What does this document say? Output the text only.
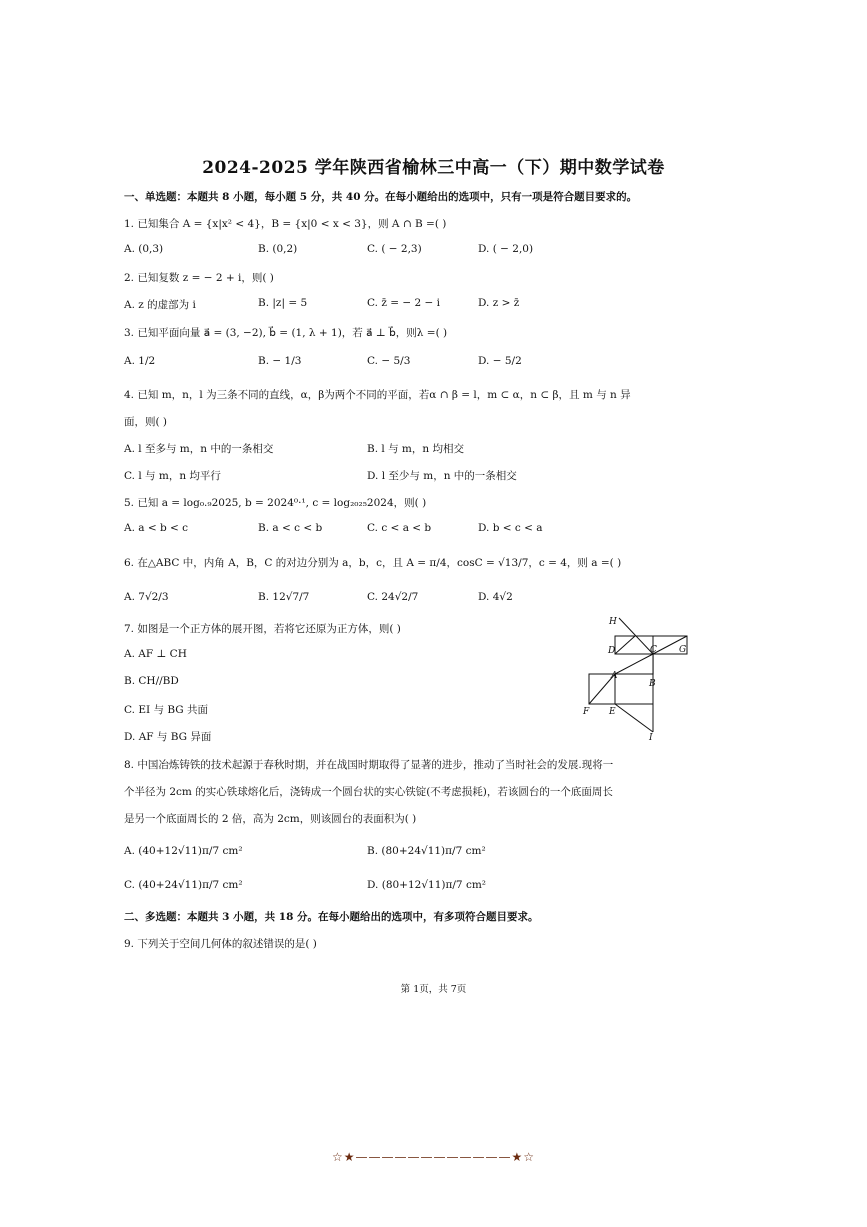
2024-2025 学年陕西省榆林三中高一（下）期中数学试卷
一、单选题：本题共 8 小题，每小题 5 分，共 40 分。在每小题给出的选项中，只有一项是符合题目要求的。
1. 已知集合 A = {x|x² < 4}，B = {x|0 < x < 3}，则 A ∩ B =( )
A. (0,3)	B. (0,2)	C. ( − 2,3)	D. ( − 2,0)
2. 已知复数 z = − 2 + i，则( )
A. z 的虚部为 i	B. |z| = 5	C. z̄ = − 2 − i	D. z > z̄
3. 已知平面向量 a⃗ = (3, −2), b⃗ = (1, λ + 1)，若 a⃗ ⊥ b⃗，则λ =( )
A. 1/2	B. − 1/3	C. − 5/3	D. − 5/2
4. 已知 m，n，l 为三条不同的直线，α，β为两个不同的平面，若α ∩ β = l，m ⊂ α，n ⊂ β，且 m 与 n 异
面，则( )
A. l 至多与 m，n 中的一条相交	B. l 与 m，n 均相交
C. l 与 m，n 均平行	D. l 至少与 m，n 中的一条相交
5. 已知 a = log₀.₉2025, b = 2024⁰·¹, c = log₂₀₂₅2024，则( )
A. a < b < c	B. a < c < b	C. c < a < b	D. b < c < a
6. 在△ABC 中，内角 A，B，C 的对边分别为 a，b，c，且 A = π/4，cosC = √13/7，c = 4，则 a =( )
A. 7√2/3	B. 12√7/7	C. 24√2/7	D. 4√2
7. 如图是一个正方体的展开图，若将它还原为正方体，则( )
A. AF ⊥ CH
B. CH//BD
C. EI 与 BG 共面
D. AF 与 BG 异面
H
D	C G
A
B
F E
I
8. 中国冶炼铸铁的技术起源于春秋时期，并在战国时期取得了显著的进步，推动了当时社会的发展.现将一
个半径为 2cm 的实心铁球熔化后，浇铸成一个圆台状的实心铁锭(不考虑损耗)，若该圆台的一个底面周长
是另一个底面周长的 2 倍，高为 2cm，则该圆台的表面积为( )
A. (40+12√11)π/7 cm²	B. (80+24√11)π/7 cm²
C. (40+24√11)π/7 cm²	D. (80+12√11)π/7 cm²
二、多选题：本题共 3 小题，共 18 分。在每小题给出的选项中，有多项符合题目要求。
9. 下列关于空间几何体的叙述错误的是( )
第 1页，共 7页
☆★————————————★☆
